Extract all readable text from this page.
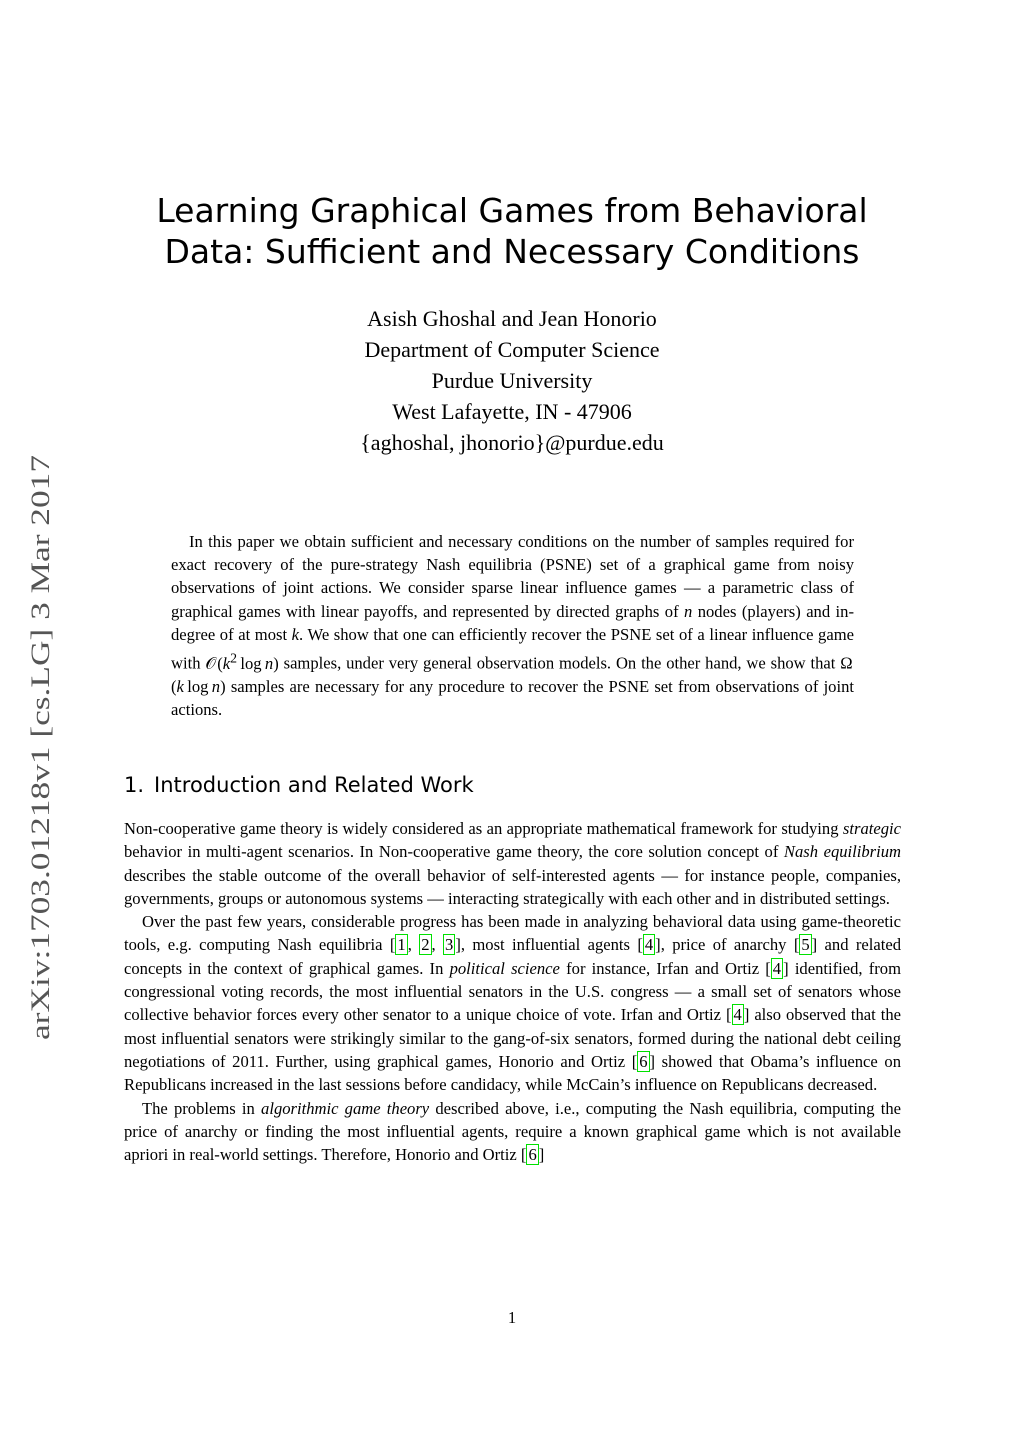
arXiv:1703.01218v1 [cs.LG] 3 Mar 2017
Learning Graphical Games from Behavioral
Data: Sufficient and Necessary Conditions
Asish Ghoshal and Jean Honorio
Department of Computer Science
Purdue University
West Lafayette, IN - 47906
{aghoshal, jhonorio}@purdue.edu

In this paper we obtain sufficient and necessary conditions on the number of samples required for exact recovery of the pure-strategy Nash equilibria (PSNE) set of a graphical game from noisy observations of joint actions. We consider sparse linear influence games — a parametric class of graphical games with linear payoffs, and represented by directed graphs of n nodes (players) and in-degree of at most k. We show that one can efficiently recover the PSNE set of a linear influence game with 𝒪 ($k^2$  log  n) samples, under very general observation models. On the other hand, we show that Ω (k  log  n) samples are necessary for any procedure to recover the PSNE set from observations of joint actions.

1. Introduction and Related Work

Non-cooperative game theory is widely considered as an appropriate mathematical framework for studying strategic behavior in multi-agent scenarios. In Non-cooperative game theory, the core solution concept of Nash equilibrium describes the stable outcome of the overall behavior of self-interested agents — for instance people, companies, governments, groups or autonomous systems — interacting strategically with each other and in distributed settings.

Over the past few years, considerable progress has been made in analyzing behavioral data using game-theoretic tools, e.g. computing Nash equilibria [ 1 , 2 , 3 ], most influential agents [ 4 ], price of anarchy [ 5 ] and related concepts in the context of graphical games. In political science for instance, Irfan and Ortiz [ 4 ] identified, from congressional voting records, the most influential senators in the U.S. congress — a small set of senators whose collective behavior forces every other senator to a unique choice of vote. Irfan and Ortiz [ 4 ] also observed that the most influential senators were strikingly similar to the gang-of-six senators, formed during the national debt ceiling negotiations of 2011. Further, using graphical games, Honorio and Ortiz [ 6 ] showed that Obama’s influence on Republicans increased in the last sessions before candidacy, while McCain’s influence on Republicans decreased.

The problems in algorithmic game theory described above, i.e., computing the Nash equilibria, computing the price of anarchy or finding the most influential agents, require a known graphical game which is not available apriori in real-world settings. Therefore, Honorio and Ortiz [ 6 ]

1
